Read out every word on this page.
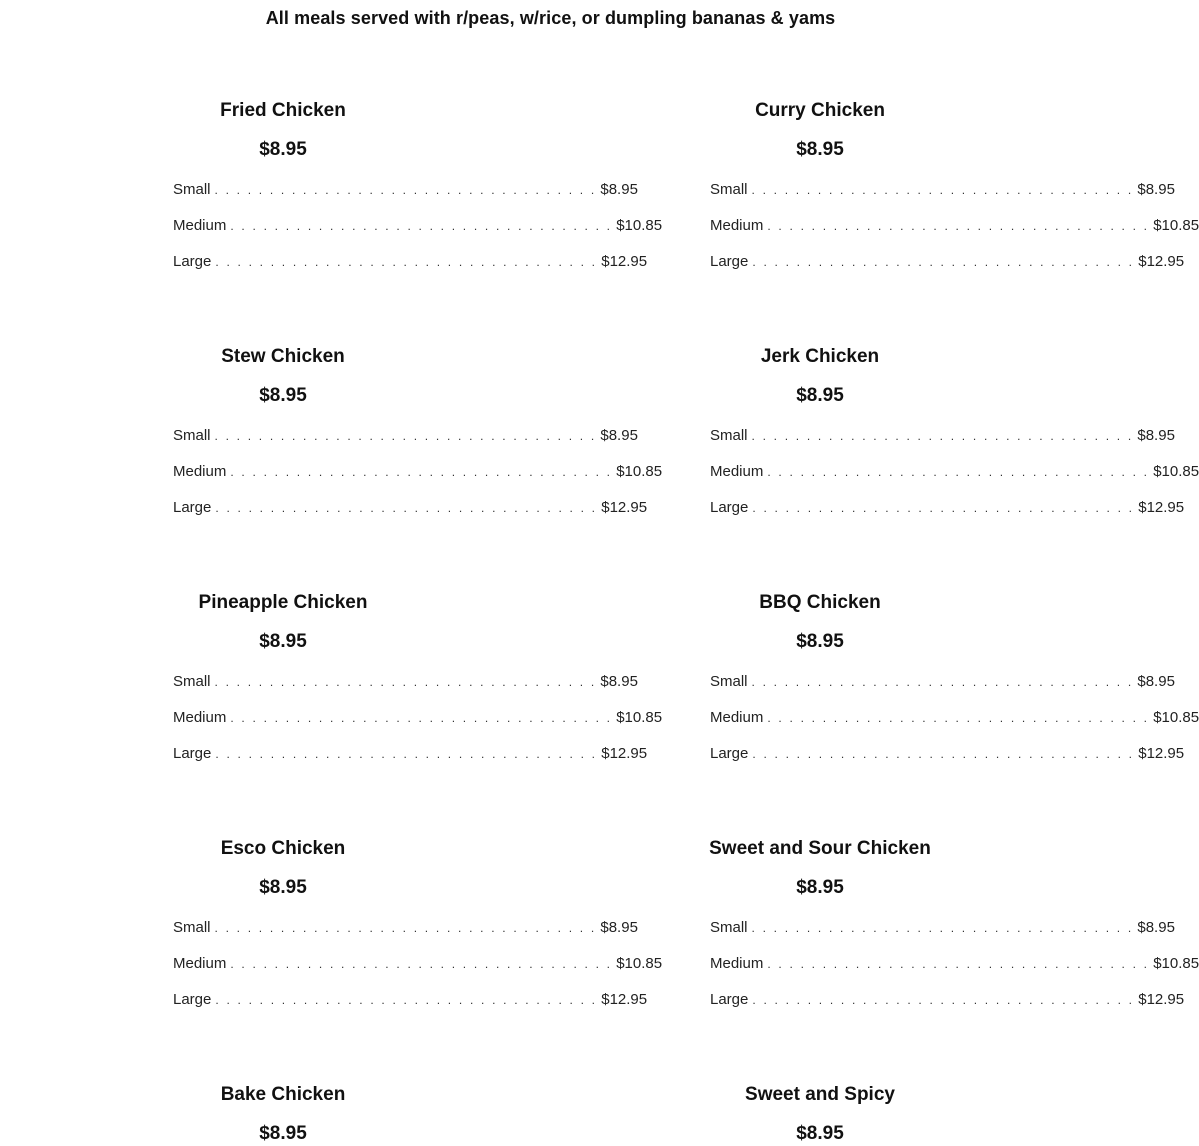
All meals served with r/peas, w/rice, or dumpling bananas & yams
Fried Chicken
$8.95
Small . . . . . . . . . . . . . . . . . . . . . . . . . . . . . . . . . . . $8.95
Medium . . . . . . . . . . . . . . . . . . . . . . . . . . . . . . . . . . . $10.85
Large . . . . . . . . . . . . . . . . . . . . . . . . . . . . . . . . . . . $12.95
Curry Chicken
$8.95
Small . . . . . . . . . . . . . . . . . . . . . . . . . . . . . . . . . . . $8.95
Medium . . . . . . . . . . . . . . . . . . . . . . . . . . . . . . . . . . . $10.85
Large . . . . . . . . . . . . . . . . . . . . . . . . . . . . . . . . . . . $12.95
Stew Chicken
$8.95
Small . . . . . . . . . . . . . . . . . . . . . . . . . . . . . . . . . . . $8.95
Medium . . . . . . . . . . . . . . . . . . . . . . . . . . . . . . . . . . . $10.85
Large . . . . . . . . . . . . . . . . . . . . . . . . . . . . . . . . . . . $12.95
Jerk Chicken
$8.95
Small . . . . . . . . . . . . . . . . . . . . . . . . . . . . . . . . . . . $8.95
Medium . . . . . . . . . . . . . . . . . . . . . . . . . . . . . . . . . . . $10.85
Large . . . . . . . . . . . . . . . . . . . . . . . . . . . . . . . . . . . $12.95
Pineapple Chicken
$8.95
Small . . . . . . . . . . . . . . . . . . . . . . . . . . . . . . . . . . . $8.95
Medium . . . . . . . . . . . . . . . . . . . . . . . . . . . . . . . . . . . $10.85
Large . . . . . . . . . . . . . . . . . . . . . . . . . . . . . . . . . . . $12.95
BBQ Chicken
$8.95
Small . . . . . . . . . . . . . . . . . . . . . . . . . . . . . . . . . . . $8.95
Medium . . . . . . . . . . . . . . . . . . . . . . . . . . . . . . . . . . . $10.85
Large . . . . . . . . . . . . . . . . . . . . . . . . . . . . . . . . . . . $12.95
Esco Chicken
$8.95
Small . . . . . . . . . . . . . . . . . . . . . . . . . . . . . . . . . . . $8.95
Medium . . . . . . . . . . . . . . . . . . . . . . . . . . . . . . . . . . . $10.85
Large . . . . . . . . . . . . . . . . . . . . . . . . . . . . . . . . . . . $12.95
Sweet and Sour Chicken
$8.95
Small . . . . . . . . . . . . . . . . . . . . . . . . . . . . . . . . . . . $8.95
Medium . . . . . . . . . . . . . . . . . . . . . . . . . . . . . . . . . . . $10.85
Large . . . . . . . . . . . . . . . . . . . . . . . . . . . . . . . . . . . $12.95
Bake Chicken
$8.95
Sweet and Spicy
$8.95
